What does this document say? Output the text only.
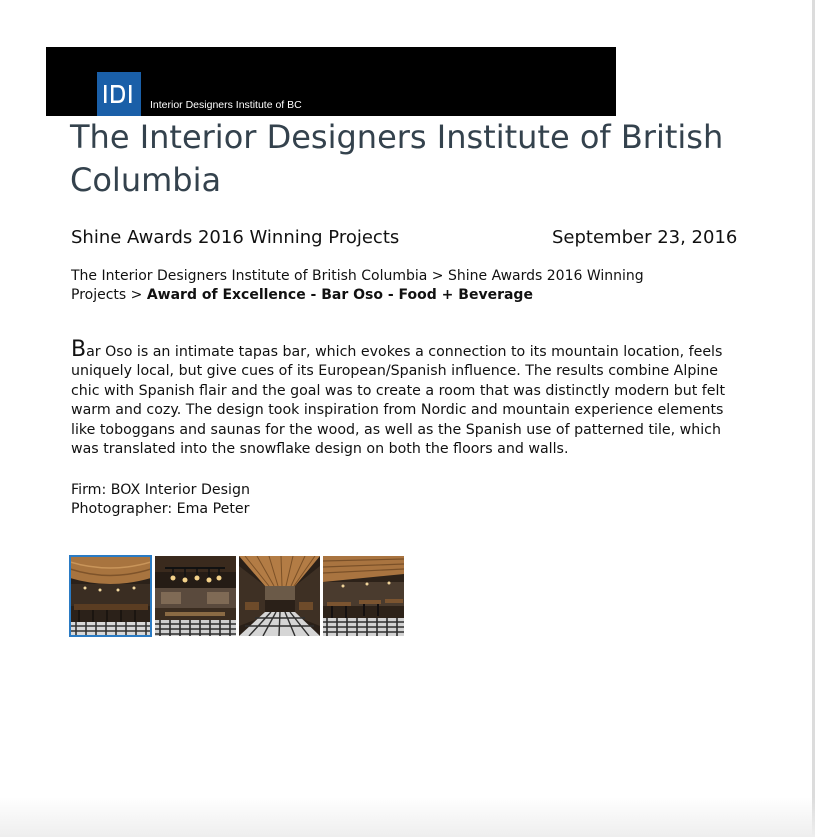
Interior Designers Institute of BC
The Interior Designers Institute of British Columbia
Shine Awards 2016 Winning Projects	September 23, 2016
The Interior Designers Institute of British Columbia > Shine Awards 2016 Winning Projects > Award of Excellence - Bar Oso - Food + Beverage

Bar Oso is an intimate tapas bar, which evokes a connection to its mountain location, feels uniquely local, but give cues of its European/Spanish influence. The results combine Alpine chic with Spanish flair and the goal was to create a room that was distinctly modern but felt warm and cozy. The design took inspiration from Nordic and mountain experience elements like toboggans and saunas for the wood, as well as the Spanish use of patterned tile, which was translated into the snowflake design on both the floors and walls.

Firm: BOX Interior Design
Photographer: Ema Peter
